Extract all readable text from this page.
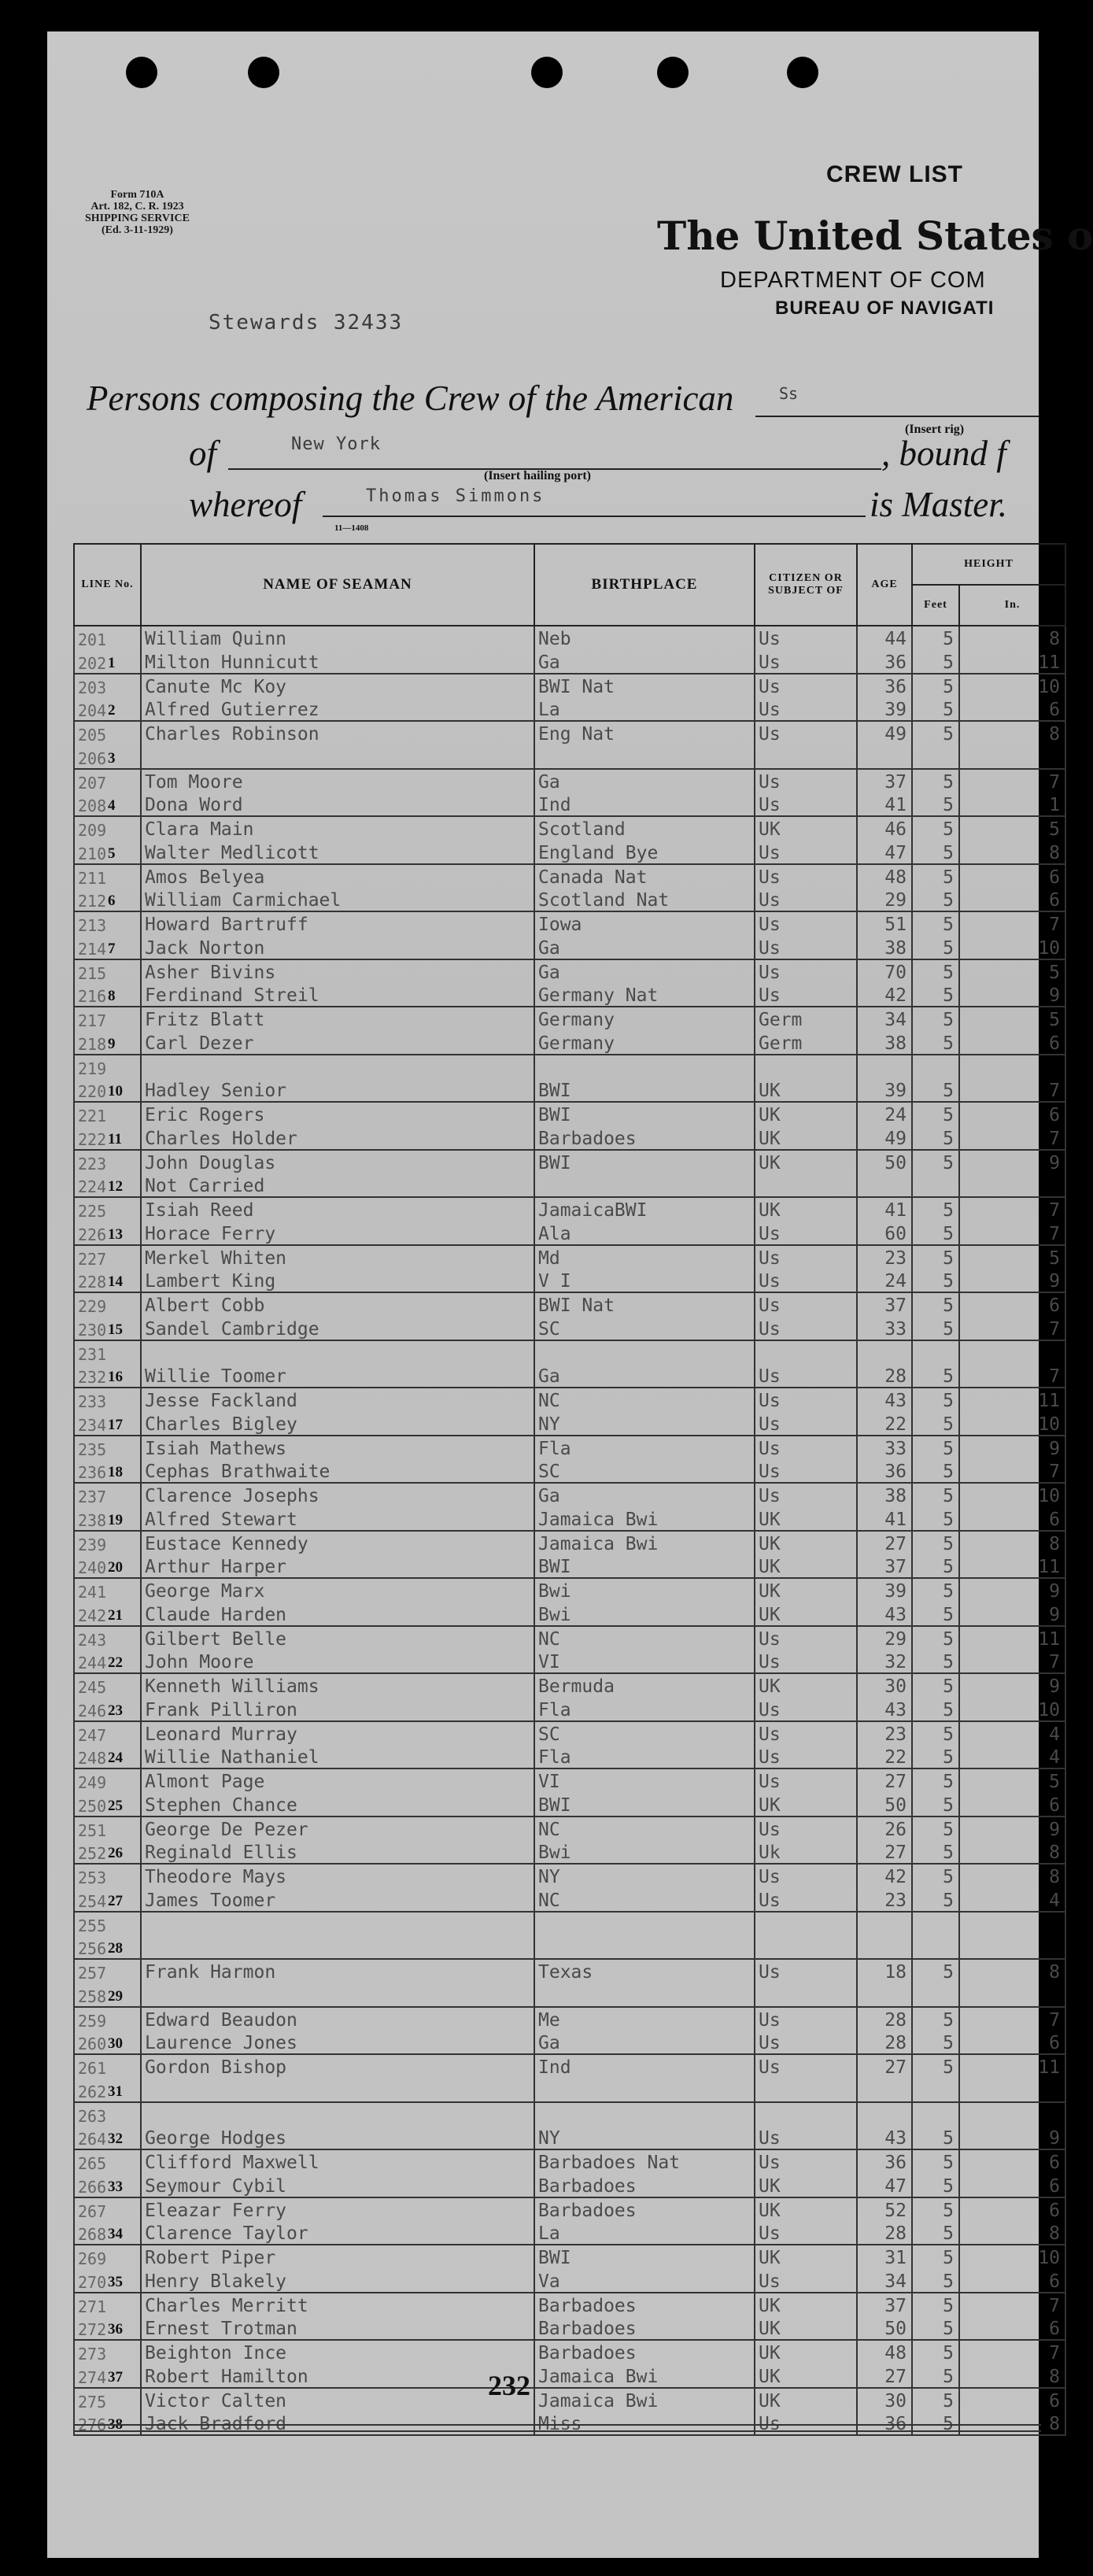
Form 710A
Art. 182, C. R. 1923
SHIPPING SERVICE
(Ed. 3-11-1929)
CREW LIST
The United States o
DEPARTMENT OF COM
BUREAU OF NAVIGATI
Stewards 32433
Persons composing the Crew of the American	Ss
of
(Insert rig)
New York	, bound f
(Insert hailing port)
whereof	Thomas Simmons	is Master.
11—1408
LINE No.	NAME OF SEAMAN	BIRTHPLACE	CITIZEN OR SUBJECT OF	AGE	HEIGHT	
					Feet	In.
201	William Quinn	Neb	Us	44	5	8
202 1	Milton Hunnicutt	Ga	Us	36	5	11
203	Canute Mc Koy	BWI Nat	Us	36	5	10
204 2	Alfred Gutierrez	La	Us	39	5	6
205	Charles Robinson	Eng Nat	Us	49	5	8
206 3						

207	Tom Moore	Ga	Us	37	5	7
208 4	Dona Word	Ind	Us	41	5	1
209	Clara Main	Scotland	UK	46	5	5
210 5	Walter Medlicott	England Bye	Us	47	5	8
211	Amos Belyea	Canada Nat	Us	48	5	6
212 6	William Carmichael	Scotland Nat	Us	29	5	6
213	Howard Bartruff	Iowa	Us	51	5	7
214 7	Jack Norton	Ga	Us	38	5	10
215	Asher Bivins	Ga	Us	70	5	5
216 8	Ferdinand Streil	Germany Nat	Us	42	5	9
217	Fritz Blatt	Germany	Germ	34	5	5
218 9	Carl Dezer	Germany	Germ	38	5	6
219						
220 10	Hadley Senior	BWI	UK	39	5	7
221	Eric Rogers	BWI	UK	24	5	6
222 11	Charles Holder	Barbadoes	UK	49	5	7
223	John Douglas	BWI	UK	50	5	9
224 12	Not Carried					
225	Isiah Reed	JamaicaBWI	UK	41	5	7
226 13	Horace Ferry	Ala	Us	60	5	7
227	Merkel Whiten	Md	Us	23	5	5
228 14	Lambert King	V I	Us	24	5	9
229	Albert Cobb	BWI Nat	Us	37	5	6
230 15	Sandel Cambridge	SC	Us	33	5	7
231						
232 16	Willie Toomer	Ga	Us	28	5	7
233	Jesse Fackland	NC	Us	43	5	11
234 17	Charles Bigley	NY	Us	22	5	10
235	Isiah Mathews	Fla	Us	33	5	9
236 18	Cephas Brathwaite	SC	Us	36	5	7
237	Clarence Josephs	Ga	Us	38	5	10
238 19	Alfred Stewart	Jamaica Bwi	UK	41	5	6
239	Eustace Kennedy	Jamaica Bwi	UK	27	5	8
240 20	Arthur Harper	BWI	UK	37	5	11
241	George Marx	Bwi	UK	39	5	9
242 21	Claude Harden	Bwi	UK	43	5	9
243	Gilbert Belle	NC	Us	29	5	11
244 22	John Moore	VI	Us	32	5	7
245	Kenneth Williams	Bermuda	UK	30	5	9
246 23	Frank Pilliron	Fla	Us	43	5	10
247	Leonard Murray	SC	Us	23	5	4
248 24	Willie Nathaniel	Fla	Us	22	5	4
249	Almont Page	VI	Us	27	5	5
250 25	Stephen Chance	BWI	UK	50	5	6
251	George De Pezer	NC	Us	26	5	9
252 26	Reginald Ellis	Bwi	Uk	27	5	8
253	Theodore Mays	NY	Us	42	5	8
254 27	James Toomer	NC	Us	23	5	4
255						
256 28						

257	Frank Harmon	Texas	Us	18	5	8
258 29						

259	Edward Beaudon	Me	Us	28	5	7
260 30	Laurence Jones	Ga	Us	28	5	6
261	Gordon Bishop	Ind	Us	27	5	11
262 31						

263						
264 32	George Hodges	NY	Us	43	5	9
265	Clifford Maxwell	Barbadoes Nat	Us	36	5	6
266 33	Seymour Cybil	Barbadoes	UK	47	5	6
267	Eleazar Ferry	Barbadoes	UK	52	5	6
268 34	Clarence Taylor	La	Us	28	5	8
269	Robert Piper	BWI	UK	31	5	10
270 35	Henry Blakely	Va	Us	34	5	6
271	Charles Merritt	Barbadoes	UK	37	5	7
272 36	Ernest Trotman	Barbadoes	UK	50	5	6
273	Beighton Ince	Barbadoes	UK	48	5	7
274 37	Robert Hamilton	Jamaica Bwi	UK	27	5	8
275	Victor Calten	Jamaica Bwi	UK	30	5	6
276 38	Jack Bradford	Miss	Us	36	5	8
232
